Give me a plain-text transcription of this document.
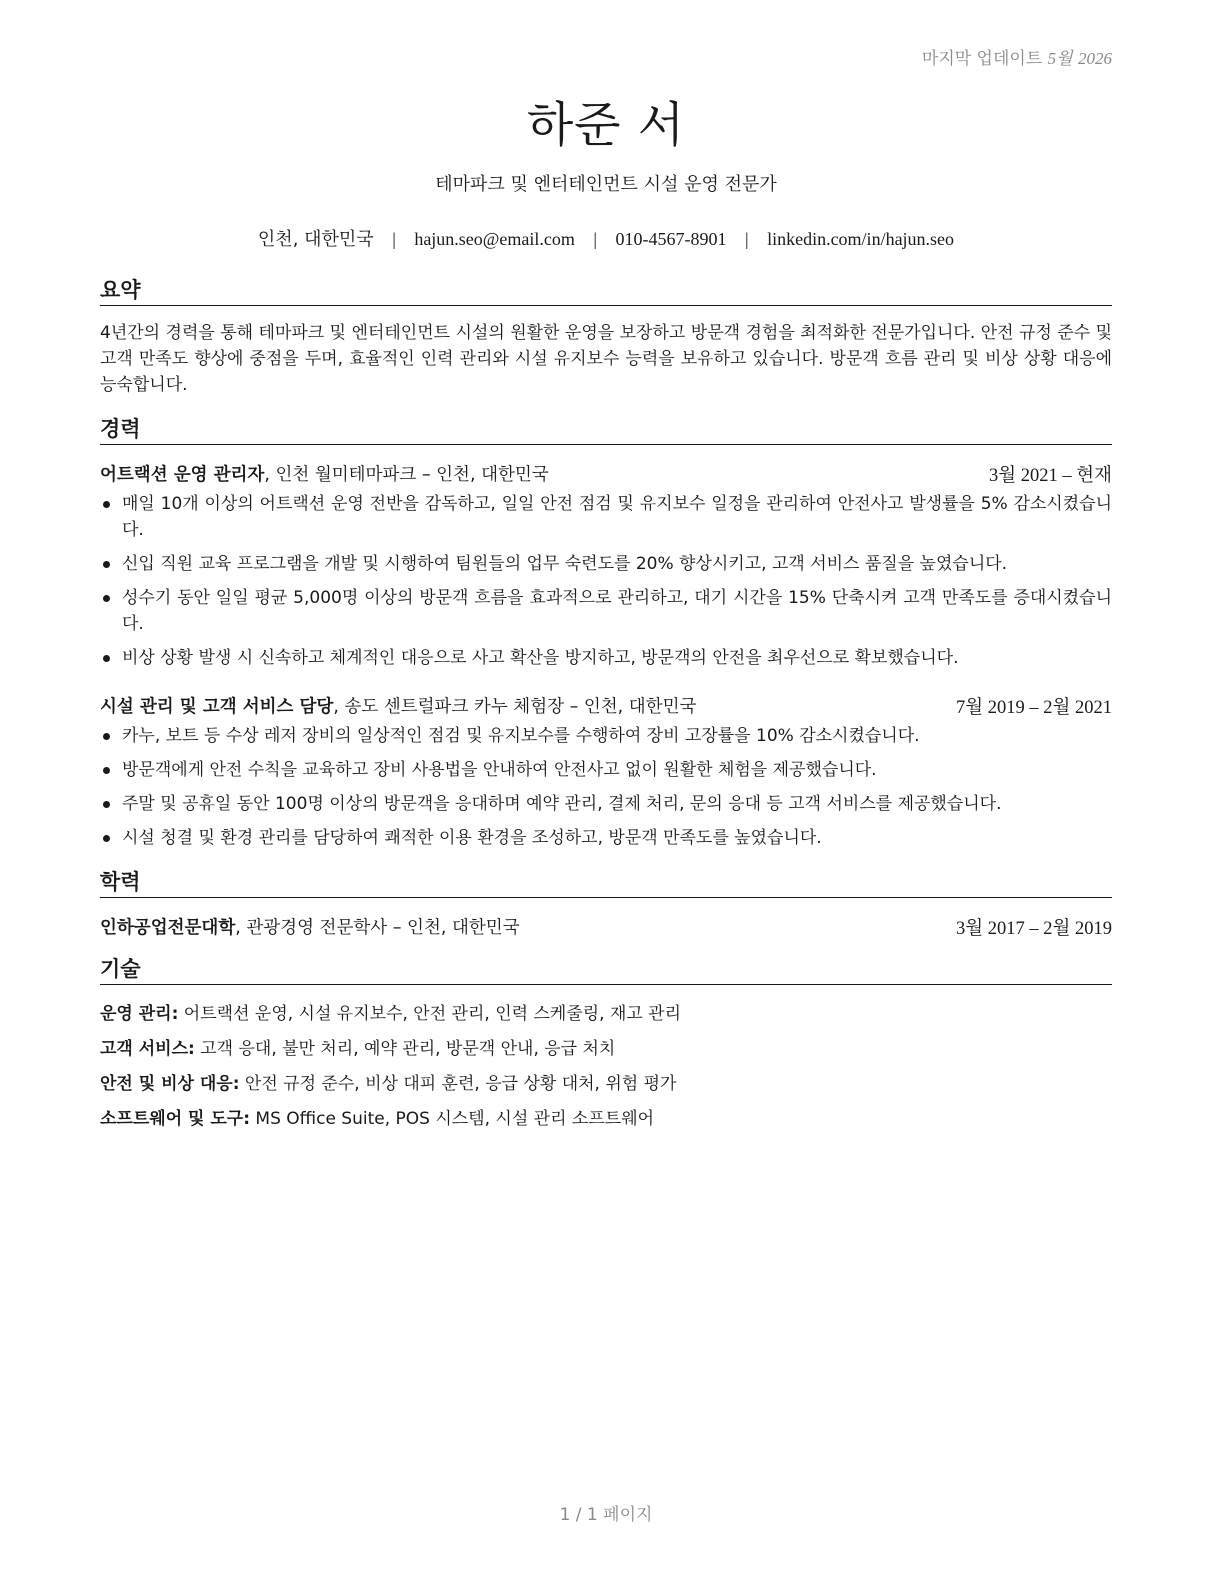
마지막 업데이트 5월 2026
하준 서
테마파크 및 엔터테인먼트 시설 운영 전문가
인천, 대한민국 | hajun.seo@email.com | 010-4567-8901 | linkedin.com/in/hajun.seo
요약
4년간의 경력을 통해 테마파크 및 엔터테인먼트 시설의 원활한 운영을 보장하고 방문객 경험을 최적화한 전문가입니다. 안전 규정 준수 및 고객 만족도 향상에 중점을 두며, 효율적인 인력 관리와 시설 유지보수 능력을 보유하고 있습니다. 방문객 흐름 관리 및 비상 상황 대응에 능숙합니다.
경력
어트랙션 운영 관리자, 인천 월미테마파크 – 인천, 대한민국	3월 2021 – 현재
매일 10개 이상의 어트랙션 운영 전반을 감독하고, 일일 안전 점검 및 유지보수 일정을 관리하여 안전사고 발생률을 5% 감소시켰습니다.
신입 직원 교육 프로그램을 개발 및 시행하여 팀원들의 업무 숙련도를 20% 향상시키고, 고객 서비스 품질을 높였습니다.
성수기 동안 일일 평균 5,000명 이상의 방문객 흐름을 효과적으로 관리하고, 대기 시간을 15% 단축시켜 고객 만족도를 증대시켰습니다.
비상 상황 발생 시 신속하고 체계적인 대응으로 사고 확산을 방지하고, 방문객의 안전을 최우선으로 확보했습니다.
시설 관리 및 고객 서비스 담당, 송도 센트럴파크 카누 체험장 – 인천, 대한민국	7월 2019 – 2월 2021
카누, 보트 등 수상 레저 장비의 일상적인 점검 및 유지보수를 수행하여 장비 고장률을 10% 감소시켰습니다.
방문객에게 안전 수칙을 교육하고 장비 사용법을 안내하여 안전사고 없이 원활한 체험을 제공했습니다.
주말 및 공휴일 동안 100명 이상의 방문객을 응대하며 예약 관리, 결제 처리, 문의 응대 등 고객 서비스를 제공했습니다.
시설 청결 및 환경 관리를 담당하여 쾌적한 이용 환경을 조성하고, 방문객 만족도를 높였습니다.
학력
인하공업전문대학, 관광경영 전문학사 – 인천, 대한민국	3월 2017 – 2월 2019
기술
운영 관리: 어트랙션 운영, 시설 유지보수, 안전 관리, 인력 스케줄링, 재고 관리
고객 서비스: 고객 응대, 불만 처리, 예약 관리, 방문객 안내, 응급 처치
안전 및 비상 대응: 안전 규정 준수, 비상 대피 훈련, 응급 상황 대처, 위험 평가
소프트웨어 및 도구: MS Office Suite, POS 시스템, 시설 관리 소프트웨어
1 / 1 페이지
